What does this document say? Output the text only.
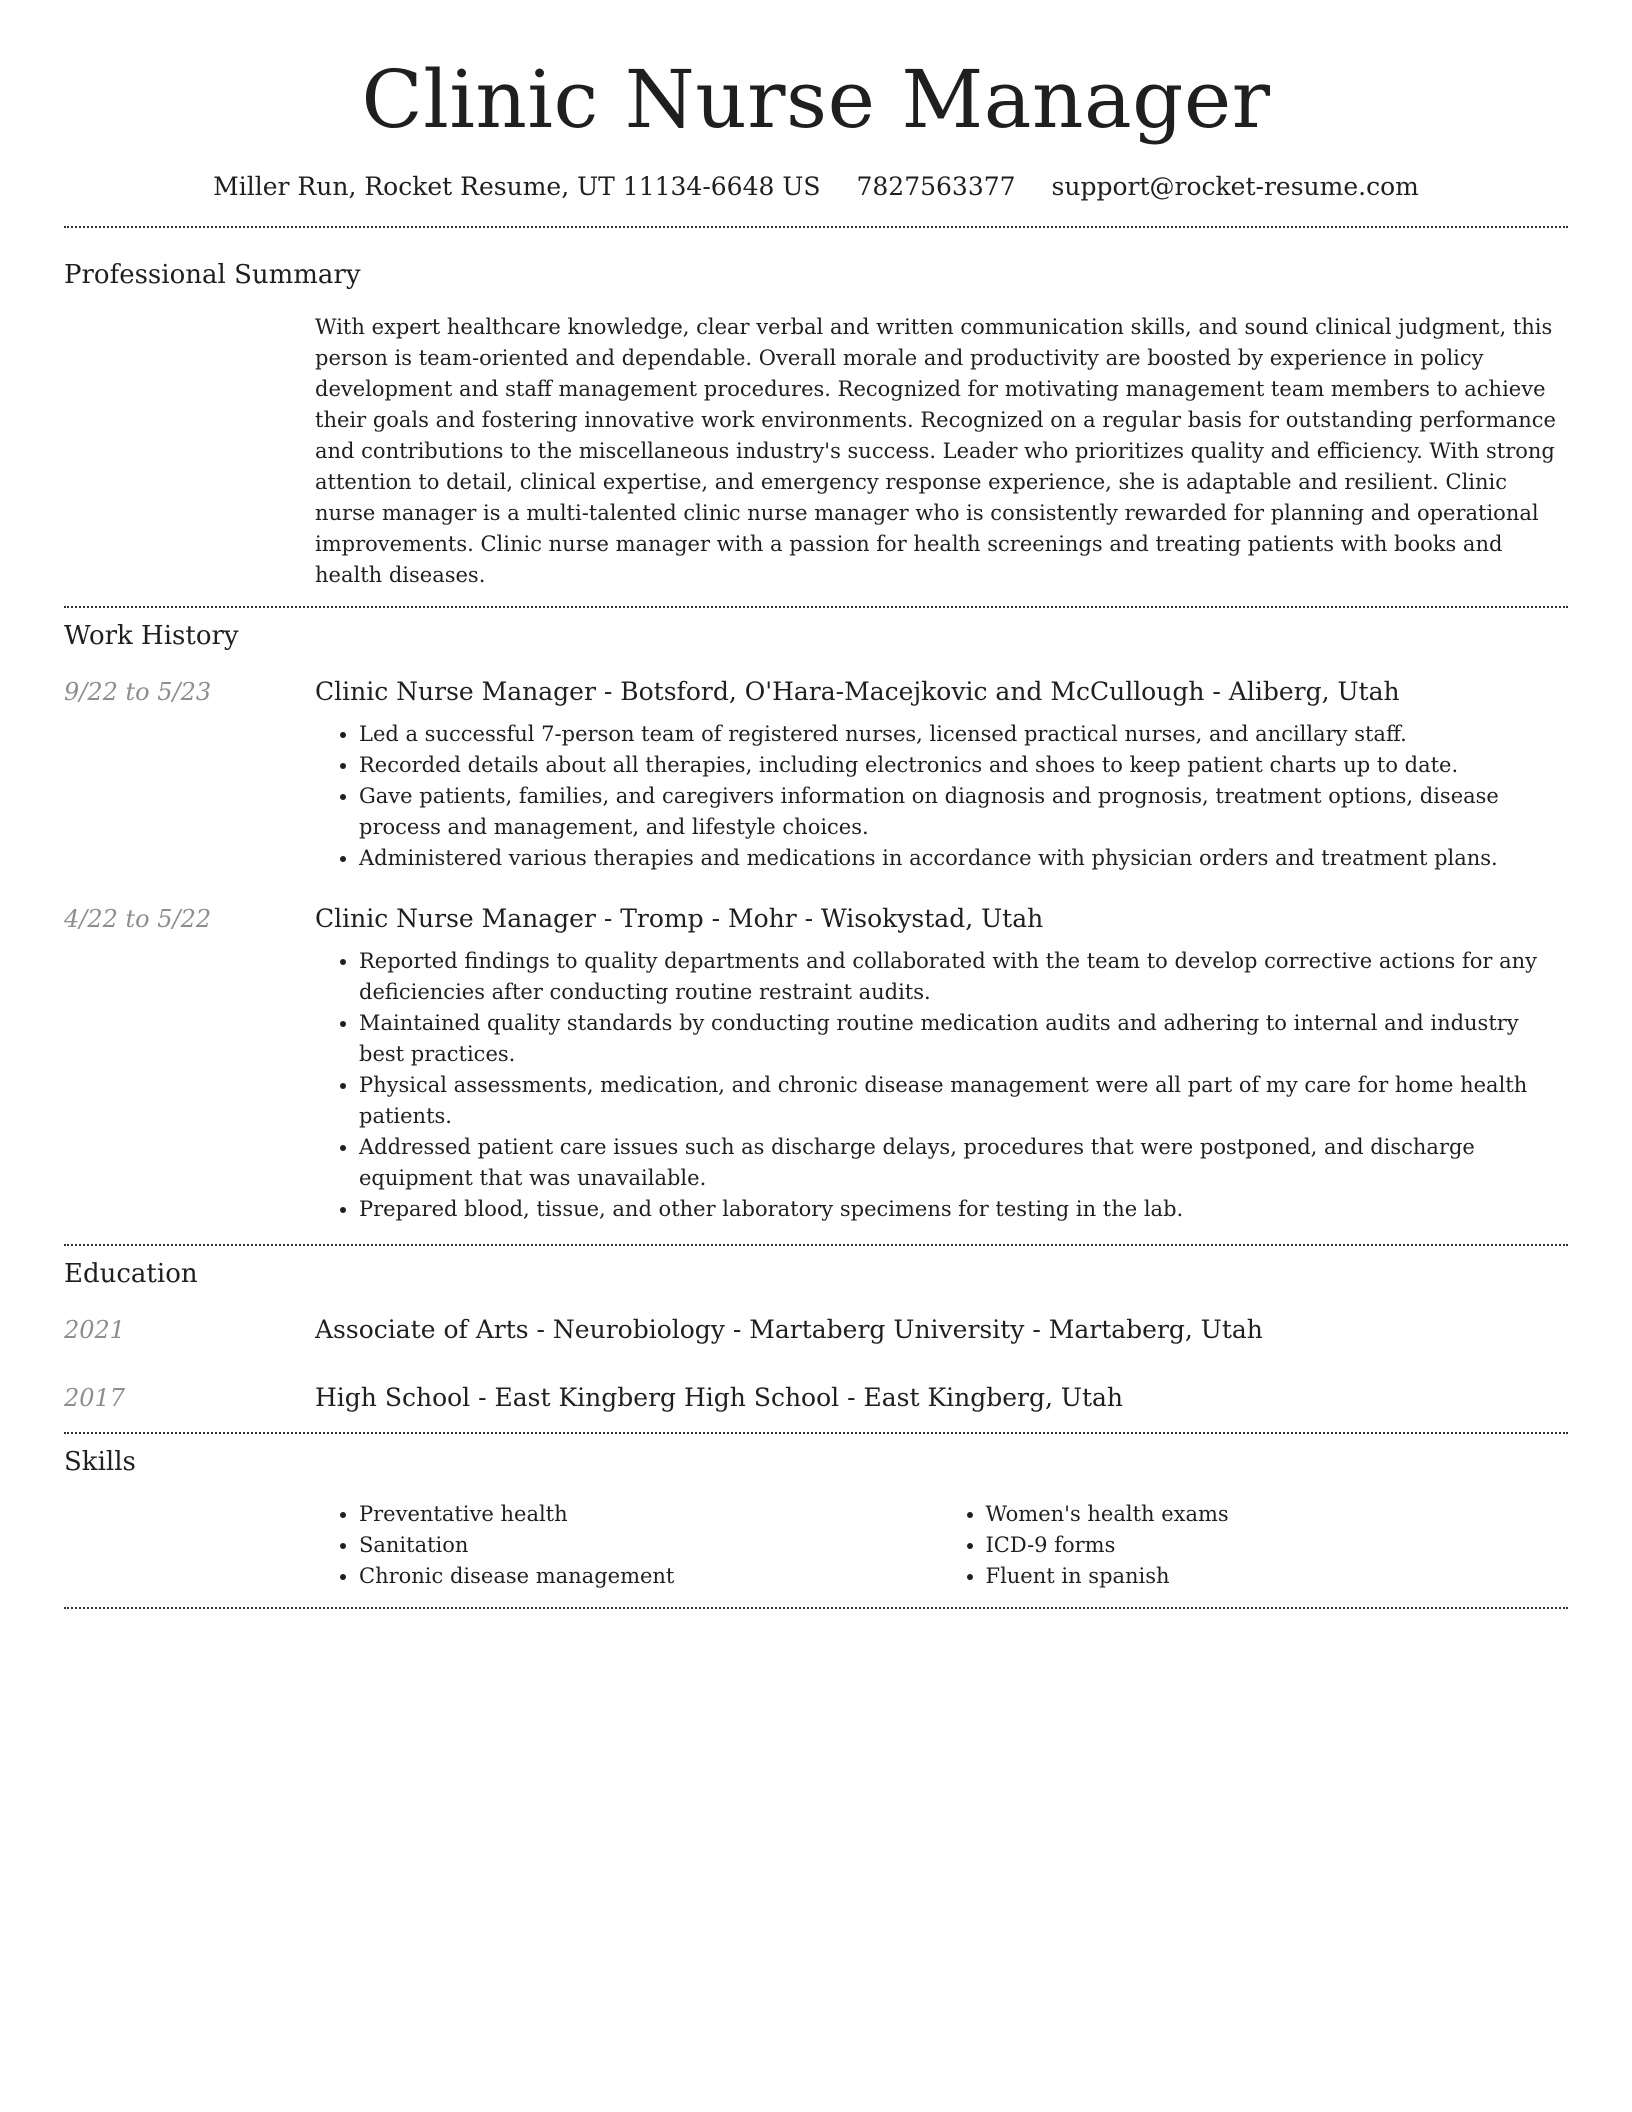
Clinic Nurse Manager
Miller Run, Rocket Resume, UT 11134-6648 US 7827563377 support@rocket-resume.com
Professional Summary

With expert healthcare knowledge, clear verbal and written communication skills, and sound clinical judgment, this person is team-oriented and dependable. Overall morale and productivity are boosted by experience in policy development and staff management procedures. Recognized for motivating management team members to achieve their goals and fostering innovative work environments. Recognized on a regular basis for outstanding performance and contributions to the miscellaneous industry's success. Leader who prioritizes quality and efficiency. With strong attention to detail, clinical expertise, and emergency response experience, she is adaptable and resilient. Clinic nurse manager is a multi-talented clinic nurse manager who is consistently rewarded for planning and operational improvements. Clinic nurse manager with a passion for health screenings and treating patients with books and health diseases.

Work History
9/22 to 5/23	Clinic Nurse Manager - Botsford, O'Hara-Macejkovic and McCullough - Aliberg, Utah
• Led a successful 7-person team of registered nurses, licensed practical nurses, and ancillary staff.
• Recorded details about all therapies, including electronics and shoes to keep patient charts up to date.
• Gave patients, families, and caregivers information on diagnosis and prognosis, treatment options, disease process and management, and lifestyle choices.
• Administered various therapies and medications in accordance with physician orders and treatment plans.
4/22 to 5/22	Clinic Nurse Manager - Tromp - Mohr - Wisokystad, Utah
• Reported findings to quality departments and collaborated with the team to develop corrective actions for any deficiencies after conducting routine restraint audits.
• Maintained quality standards by conducting routine medication audits and adhering to internal and industry best practices.
• Physical assessments, medication, and chronic disease management were all part of my care for home health patients.
• Addressed patient care issues such as discharge delays, procedures that were postponed, and discharge equipment that was unavailable.
• Prepared blood, tissue, and other laboratory specimens for testing in the lab.
Education
2021	Associate of Arts - Neurobiology - Martaberg University - Martaberg, Utah
2017	High School - East Kingberg High School - East Kingberg, Utah
Skills
• Preventative health
• Sanitation
• Chronic disease management
• Women's health exams
• ICD-9 forms
• Fluent in spanish
